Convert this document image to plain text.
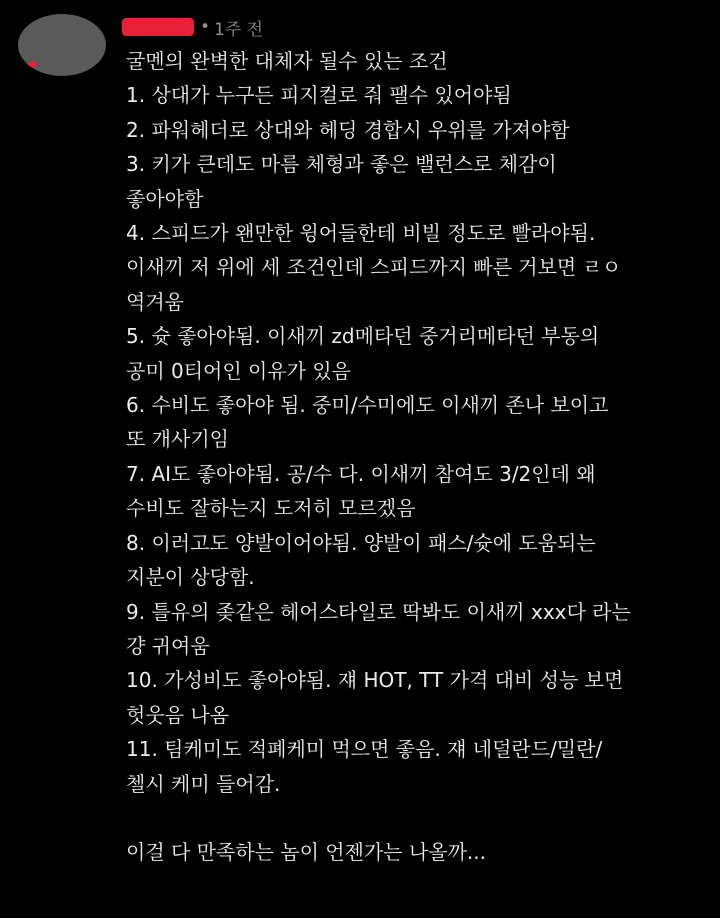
• 1주 전
굴멘의 완벽한 대체자 될수 있는 조건
1. 상대가 누구든 피지컬로 줘 팰수 있어야됨
2. 파워헤더로 상대와 헤딩 경합시 우위를 가져야함
3. 키가 큰데도 마름 체형과 좋은 밸런스로 체감이
좋아야함
4. 스피드가 왠만한 윙어들한테 비빌 정도로 빨라야됨.
이새끼 저 위에 세 조건인데 스피드까지 빠른 거보면 ㄹㅇ
역겨움
5. 슛 좋아야됨. 이새끼 zd메타던 중거리메타던 부동의
공미 0티어인 이유가 있음
6. 수비도 좋아야 됨. 중미/수미에도 이새끼 존나 보이고
또 개사기임
7. AI도 좋아야됨. 공/수 다. 이새끼 참여도 3/2인데 왜
수비도 잘하는지 도저히 모르겠음
8. 이러고도 양발이어야됨. 양발이 패스/슛에 도움되는
지분이 상당함.
9. 틀유의 좆같은 헤어스타일로 딱봐도 이새끼 xxx다 라는
걍 귀여움
10. 가성비도 좋아야됨. 쟤 HOT, TT 가격 대비 성능 보면
헛웃음 나옴
11. 팀케미도 적폐케미 먹으면 좋음. 쟤 네덜란드/밀란/
첼시 케미 들어감.
이걸 다 만족하는 놈이 언젠가는 나올까...
